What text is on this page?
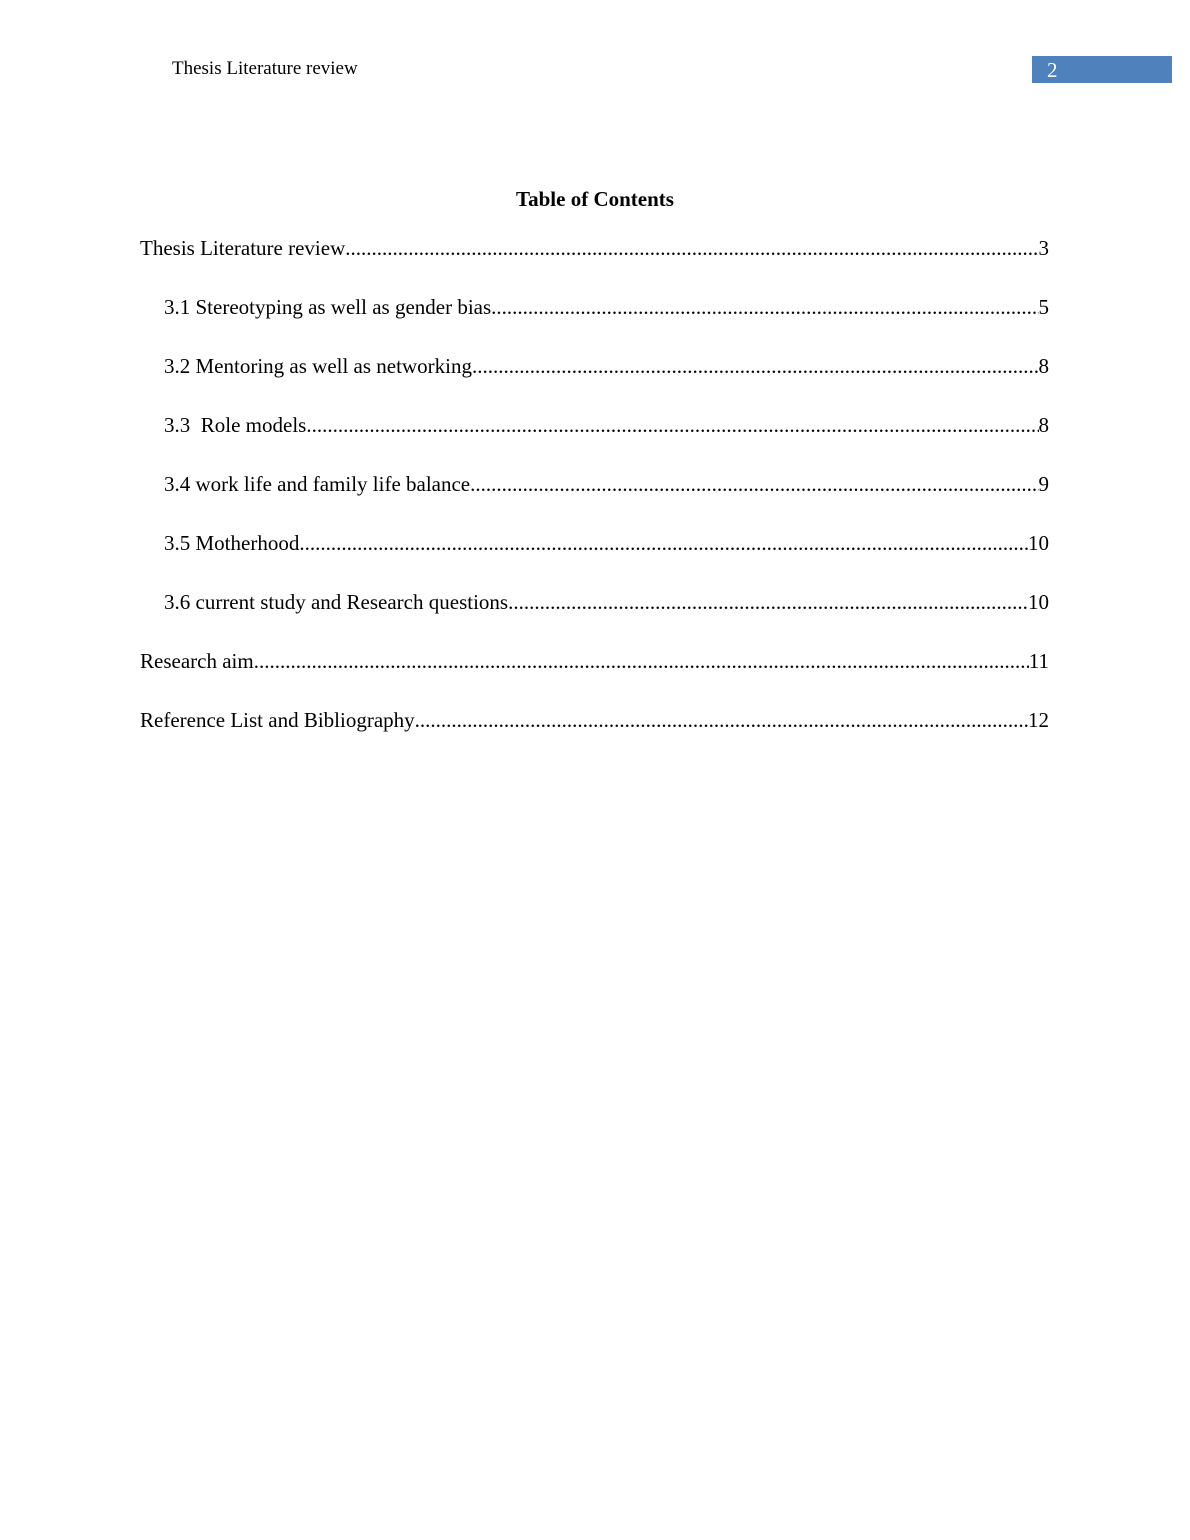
Thesis Literature review	2
Table of Contents
Thesis Literature review .....	3
3.1 Stereotyping as well as gender bias .....	5
3.2 Mentoring as well as networking .....	8
3.3  Role models .....	8
3.4 work life and family life balance .....	9
3.5 Motherhood .....	10
3.6 current study and Research questions .....	10
Research aim .....	11
Reference List and Bibliography .....	12
